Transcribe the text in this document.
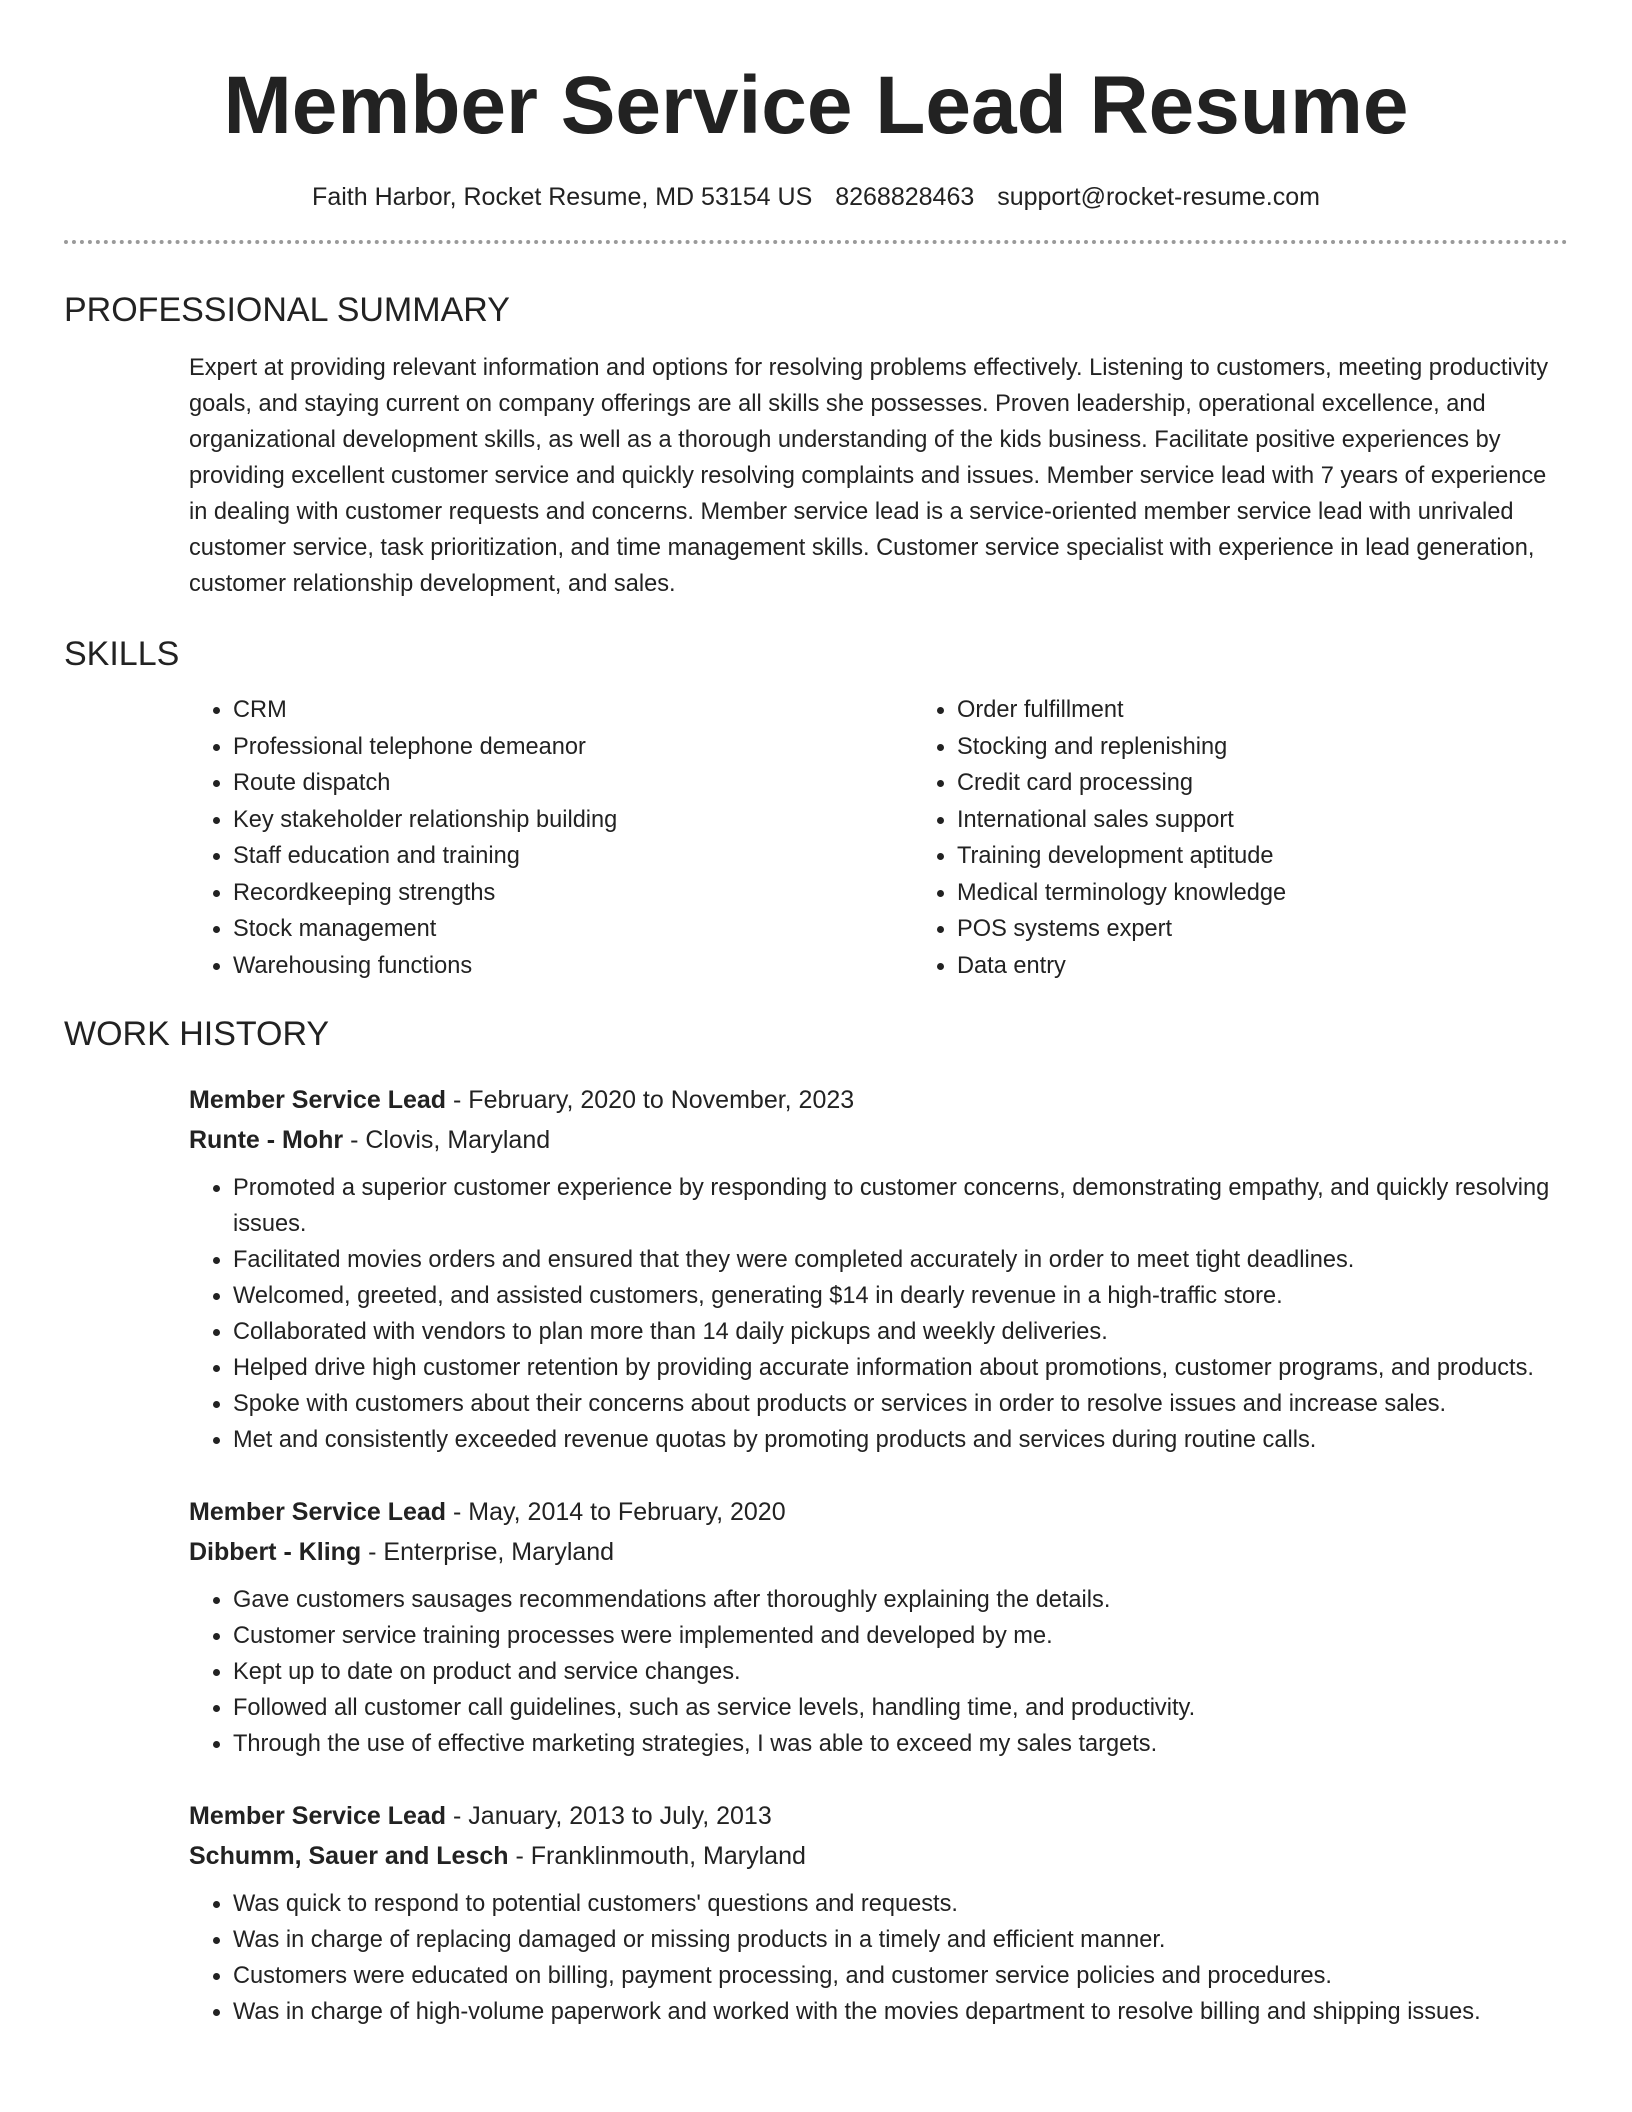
Member Service Lead Resume
Faith Harbor, Rocket Resume, MD 53154 US 8268828463 support@rocket-resume.com
PROFESSIONAL SUMMARY

Expert at providing relevant information and options for resolving problems effectively. Listening to customers, meeting productivity goals, and staying current on company offerings are all skills she possesses. Proven leadership, operational excellence, and organizational development skills, as well as a thorough understanding of the kids business. Facilitate positive experiences by providing excellent customer service and quickly resolving complaints and issues. Member service lead with 7 years of experience in dealing with customer requests and concerns. Member service lead is a service-oriented member service lead with unrivaled customer service, task prioritization, and time management skills. Customer service specialist with experience in lead generation, customer relationship development, and sales.

SKILLS
• CRM
• Professional telephone demeanor
• Route dispatch
• Key stakeholder relationship building
• Staff education and training
• Recordkeeping strengths
• Stock management
• Warehousing functions
• Order fulfillment
• Stocking and replenishing
• Credit card processing
• International sales support
• Training development aptitude
• Medical terminology knowledge
• POS systems expert
• Data entry
WORK HISTORY
Member Service Lead - February, 2020 to November, 2023
Runte - Mohr - Clovis, Maryland
• Promoted a superior customer experience by responding to customer concerns, demonstrating empathy, and quickly resolving issues.
• Facilitated movies orders and ensured that they were completed accurately in order to meet tight deadlines.
• Welcomed, greeted, and assisted customers, generating $14 in dearly revenue in a high-traffic store.
• Collaborated with vendors to plan more than 14 daily pickups and weekly deliveries.
• Helped drive high customer retention by providing accurate information about promotions, customer programs, and products.
• Spoke with customers about their concerns about products or services in order to resolve issues and increase sales.
• Met and consistently exceeded revenue quotas by promoting products and services during routine calls.
Member Service Lead - May, 2014 to February, 2020
Dibbert - Kling - Enterprise, Maryland
• Gave customers sausages recommendations after thoroughly explaining the details.
• Customer service training processes were implemented and developed by me.
• Kept up to date on product and service changes.
• Followed all customer call guidelines, such as service levels, handling time, and productivity.
• Through the use of effective marketing strategies, I was able to exceed my sales targets.
Member Service Lead - January, 2013 to July, 2013
Schumm, Sauer and Lesch - Franklinmouth, Maryland
• Was quick to respond to potential customers' questions and requests.
• Was in charge of replacing damaged or missing products in a timely and efficient manner.
• Customers were educated on billing, payment processing, and customer service policies and procedures.
• Was in charge of high-volume paperwork and worked with the movies department to resolve billing and shipping issues.
